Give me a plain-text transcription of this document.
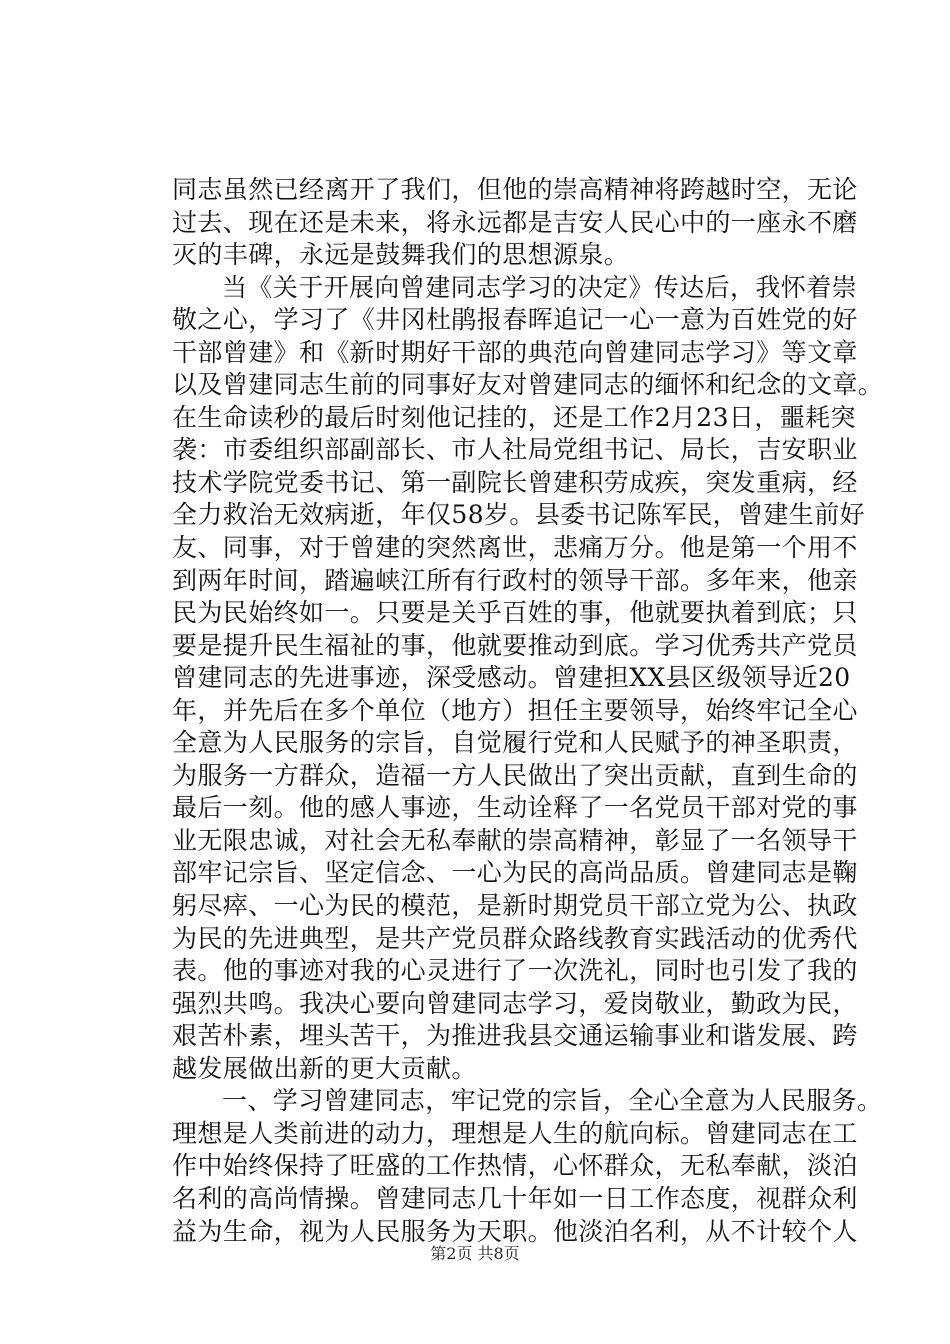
同志虽然已经离开了我们，但他的崇高精神将跨越时空，无论
过去、现在还是未来，将永远都是吉安人民心中的一座永不磨
灭的丰碑，永远是鼓舞我们的思想源泉。
当《关于开展向曾建同志学习的决定》传达后，我怀着崇
敬之心，学习了《井冈杜鹃报春晖追记一心一意为百姓党的好
干部曾建》和《新时期好干部的典范向曾建同志学习》等文章
以及曾建同志生前的同事好友对曾建同志的缅怀和纪念的文章。
在生命读秒的最后时刻他记挂的，还是工作2月23日，噩耗突
袭：市委组织部副部长、市人社局党组书记、局长，吉安职业
技术学院党委书记、第一副院长曾建积劳成疾，突发重病，经
全力救治无效病逝，年仅58岁。县委书记陈军民，曾建生前好
友、同事，对于曾建的突然离世，悲痛万分。他是第一个用不
到两年时间，踏遍峡江所有行政村的领导干部。多年来，他亲
民为民始终如一。只要是关乎百姓的事，他就要执着到底；只
要是提升民生福祉的事，他就要推动到底。学习优秀共产党员
曾建同志的先进事迹，深受感动。曾建担XX县区级领导近20
年，并先后在多个单位（地方）担任主要领导，始终牢记全心
全意为人民服务的宗旨，自觉履行党和人民赋予的神圣职责，
为服务一方群众，造福一方人民做出了突出贡献，直到生命的
最后一刻。他的感人事迹，生动诠释了一名党员干部对党的事
业无限忠诚，对社会无私奉献的崇高精神，彰显了一名领导干
部牢记宗旨、坚定信念、一心为民的高尚品质。曾建同志是鞠
躬尽瘁、一心为民的模范，是新时期党员干部立党为公、执政
为民的先进典型，是共产党员群众路线教育实践活动的优秀代
表。他的事迹对我的心灵进行了一次洗礼，同时也引发了我的
强烈共鸣。我决心要向曾建同志学习，爱岗敬业，勤政为民，
艰苦朴素，埋头苦干，为推进我县交通运输事业和谐发展、跨
越发展做出新的更大贡献。
一、学习曾建同志，牢记党的宗旨，全心全意为人民服务。
理想是人类前进的动力，理想是人生的航向标。曾建同志在工
作中始终保持了旺盛的工作热情，心怀群众，无私奉献，淡泊
名利的高尚情操。曾建同志几十年如一日工作态度，视群众利
益为生命，视为人民服务为天职。他淡泊名利，从不计较个人
第2页 共8页
